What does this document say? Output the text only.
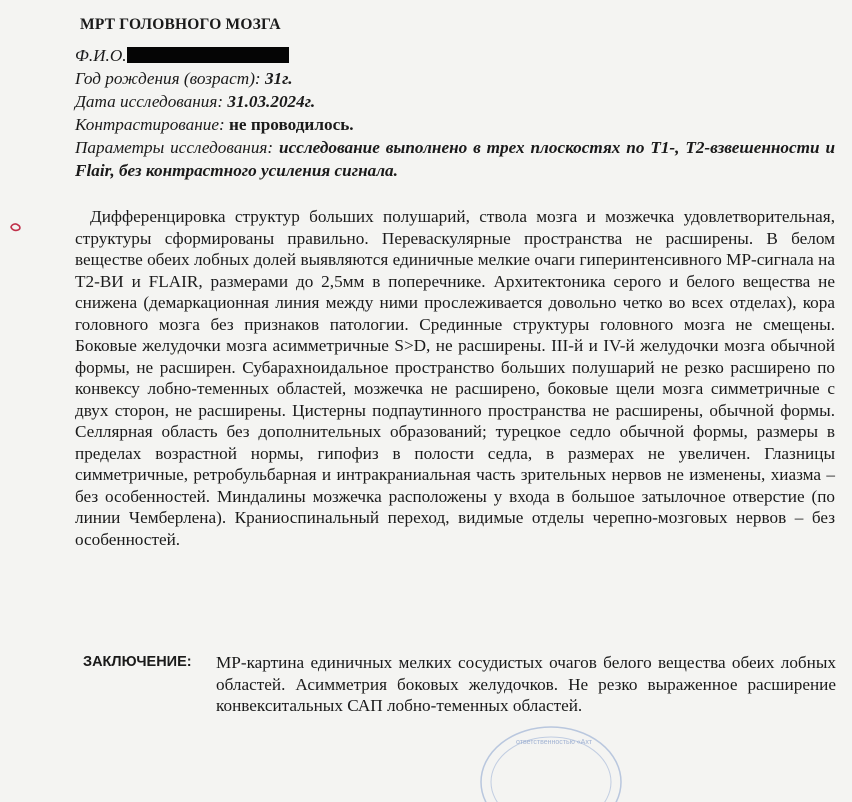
МРТ ГОЛОВНОГО МОЗГА
Ф.И.О.
Год рождения (возраст): 31г.
Дата исследования: 31.03.2024г.
Контрастирование: не проводилось.
Параметры исследования: исследование выполнено в трех плоскостях по Т1-, Т2-взвешенности и Flair, без контрастного усиления сигнала.
Дифференцировка структур больших полушарий, ствола мозга и мозжечка удовлетворительная, структуры сформированы правильно. Переваскулярные пространства не расширены. В белом веществе обеих лобных долей выявляются единичные мелкие очаги гиперинтенсивного МР-сигнала на Т2-ВИ и FLAIR, размерами до 2,5мм в поперечнике. Архитектоника серого и белого вещества не снижена (демаркационная линия между ними прослеживается довольно четко во всех отделах), кора головного мозга без признаков патологии. Срединные структуры головного мозга не смещены. Боковые желудочки мозга асимметричные S>D, не расширены. III-й и IV-й желудочки мозга обычной формы, не расширен. Субарахноидальное пространство больших полушарий не резко расширено по конвексу лобно-теменных областей, мозжечка не расширено, боковые щели мозга симметричные с двух сторон, не расширены. Цистерны подпаутинного пространства не расширены, обычной формы. Селлярная область без дополнительных образований; турецкое седло обычной формы, размеры в пределах возрастной нормы, гипофиз в полости седла, в размерах не увеличен. Глазницы симметричные, ретробульбарная и интракраниальная часть зрительных нервов не изменены, хиазма – без особенностей. Миндалины мозжечка расположены у входа в большое затылочное отверстие (по линии Чемберлена). Краниоспинальный переход, видимые отделы черепно-мозговых нервов – без особенностей.
ЗАКЛЮЧЕНИЕ: МР-картина единичных мелких сосудистых очагов белого вещества обеих лобных областей. Асимметрия боковых желудочков. Не резко выраженное расширение конвекситальных САП лобно-теменных областей.
ответственностью «Ахт
